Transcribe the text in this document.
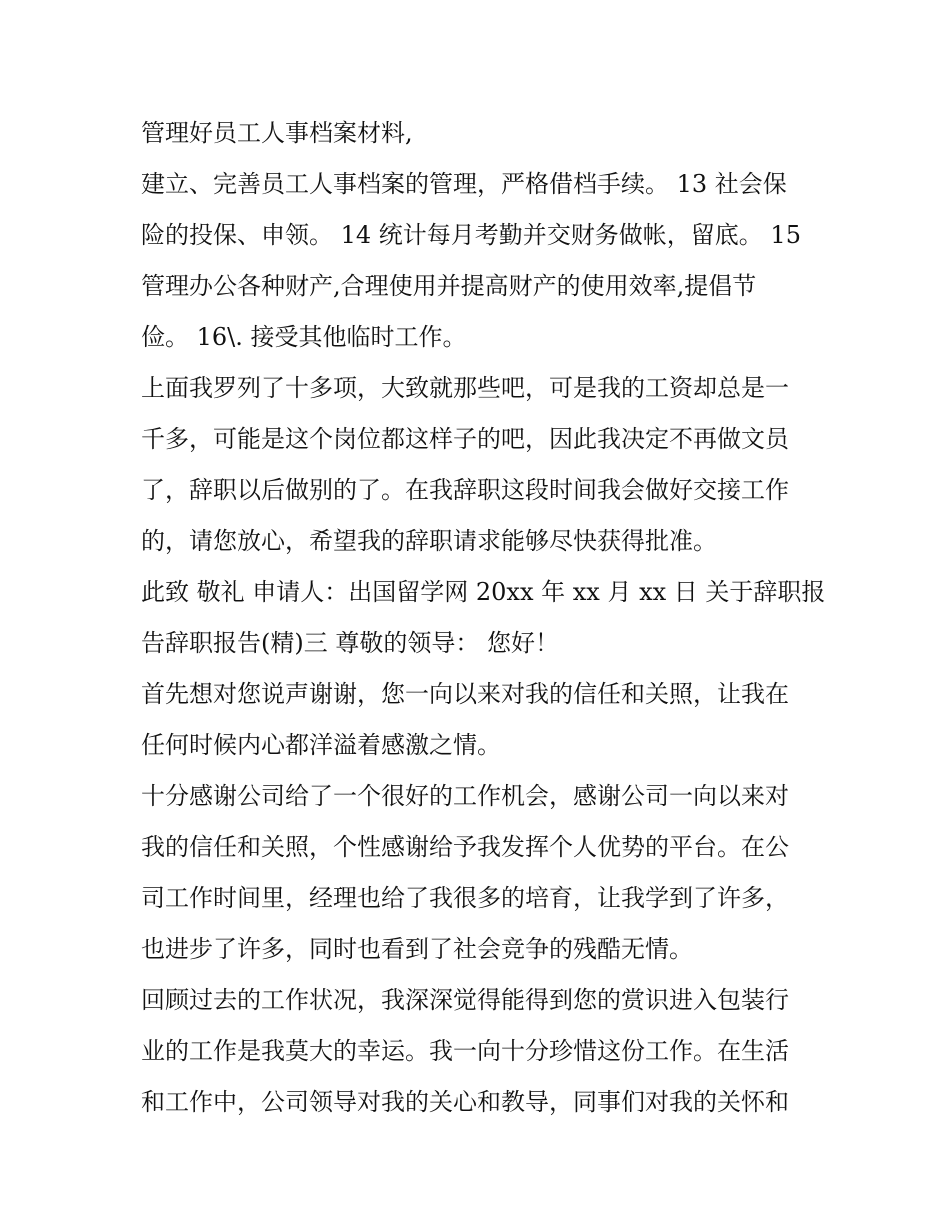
管理好员工人事档案材料,
建立、完善员工人事档案的管理，严格借档手续。 13 社会保
险的投保、申领。 14 统计每月考勤并交财务做帐，留底。 15
管理办公各种财产,合理使用并提高财产的使用效率,提倡节
俭。 16\. 接受其他临时工作。
上面我罗列了十多项，大致就那些吧，可是我的工资却总是一
千多，可能是这个岗位都这样子的吧，因此我决定不再做文员
了，辞职以后做别的了。在我辞职这段时间我会做好交接工作
的，请您放心，希望我的辞职请求能够尽快获得批准。
此致 敬礼 申请人：出国留学网 20xx 年 xx 月 xx 日 关于辞职报
告辞职报告(精)三 尊敬的领导： 您好！
首先想对您说声谢谢，您一向以来对我的信任和关照，让我在
任何时候内心都洋溢着感激之情。
十分感谢公司给了一个很好的工作机会，感谢公司一向以来对
我的信任和关照，个性感谢给予我发挥个人优势的平台。在公
司工作时间里，经理也给了我很多的培育，让我学到了许多，
也进步了许多，同时也看到了社会竞争的残酷无情。
回顾过去的工作状况，我深深觉得能得到您的赏识进入包装行
业的工作是我莫大的幸运。我一向十分珍惜这份工作。在生活
和工作中，公司领导对我的关心和教导，同事们对我的关怀和
